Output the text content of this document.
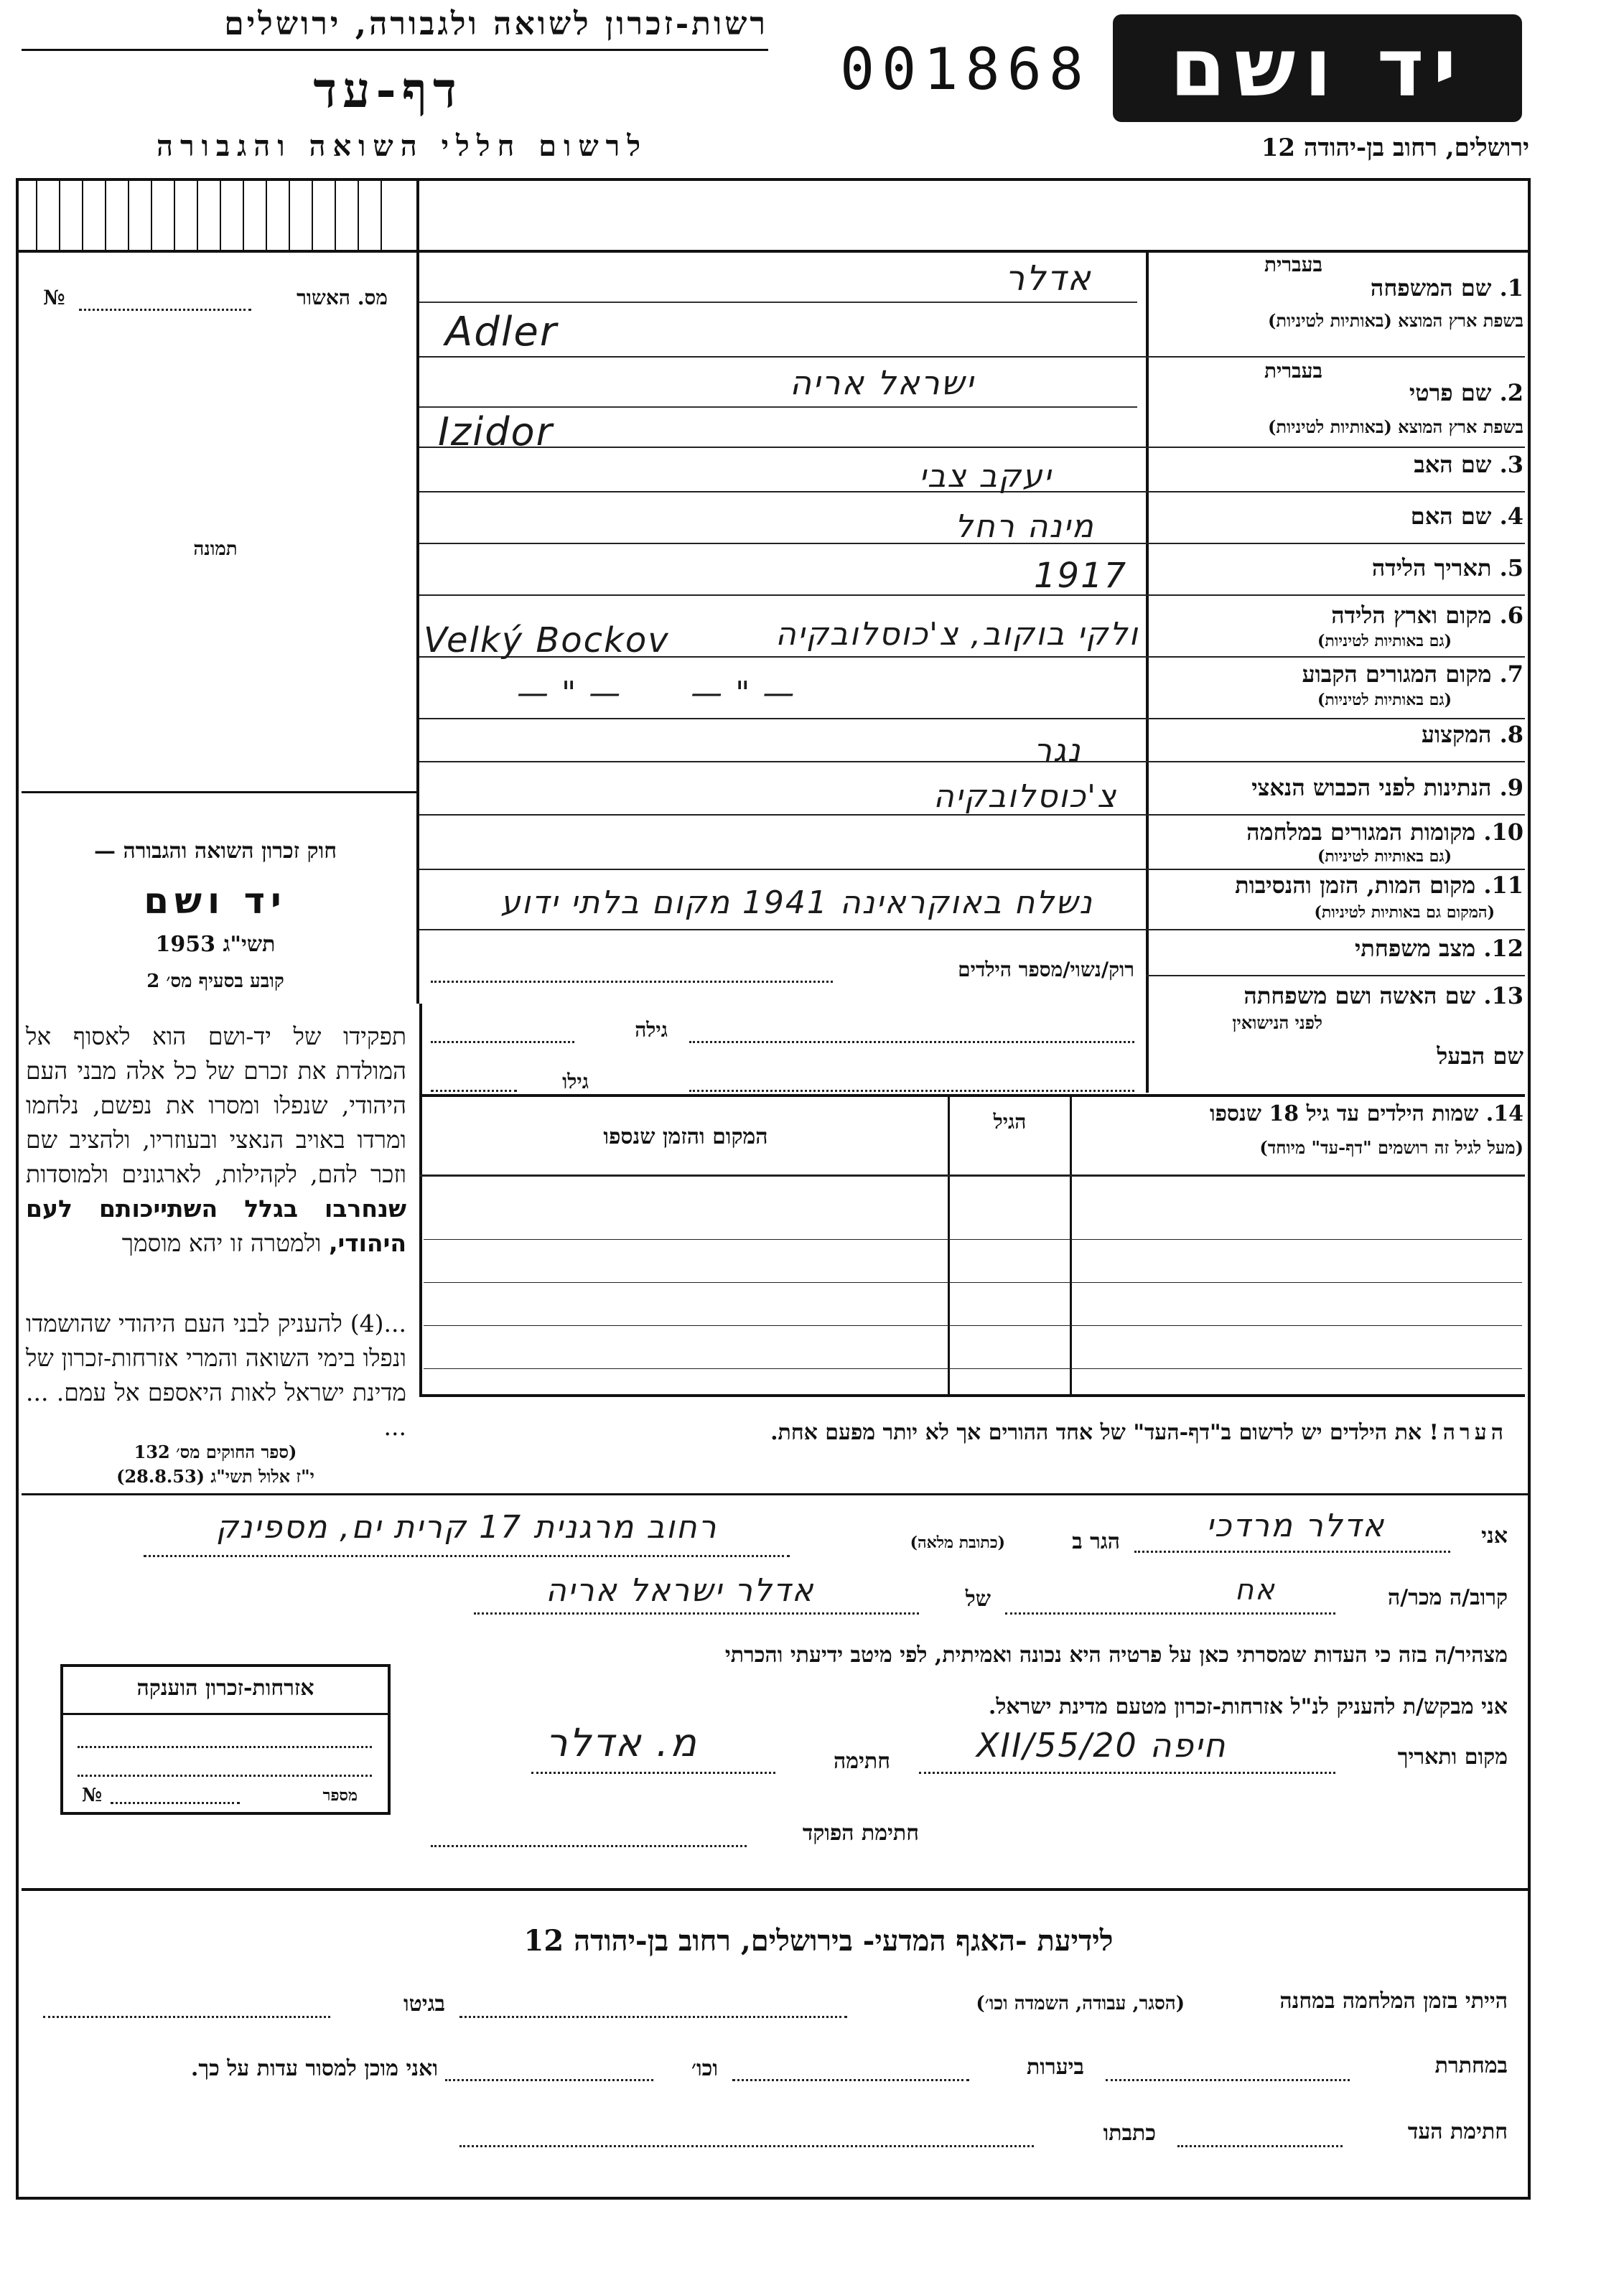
רשות-זכרון לשואה ולגבורה, ירושלים
דף-עד
לרשום חללי השואה והגבורה
001868 יד ושם
ירושלים, רחוב בן-יהודה 12
מס. האשור
№
תמונה
חוק זכרון השואה והגבורה —
יד ושם
תשי"ג 1953
קובע בסעיף מס׳ 2
תפקידו של יד-ושם הוא לאסוף אל המולדת את זכרם של כל אלה מבני העם היהודי, שנפלו ומסרו את נפשם, נלחמו ומרדו באויב הנאצי ובעוזריו, ולהציב שם וזכר להם, לקהילות, לארגונים ולמוסדות שנחרבו בגלל השתייכותם לעם היהודי, ולמטרה זו יהא מוסמך
...(4) להעניק לבני העם היהודי שהושמדו ונפלו בימי השואה והמרי אזרחות-זכרון של מדינת ישראל לאות היאספם אל עמם. ... ...
(ספר החוקים מס׳ 132
י"ז אלול תשי"ג (28.8.53)
אזרחות-זכרון הוענקה
מספר
№
1. שם המשפחה
בעברית
בשפת ארץ המוצא (באותיות לטיניות)
אדלר
Adler
2. שם פרטי
בעברית
בשפת ארץ המוצא (באותיות לטיניות)
ישראל אריה
Izidor
3. שם האב
יעקב צבי
4. שם האם
מינה רחל
5. תאריך הלידה
1917
6. מקום וארץ הלידה
(גם באותיות לטיניות)
ולקי בוקוב, צ'כוסלובקיה
Velký Bockov
7. מקום המגורים הקבוע
(גם באותיות לטיניות)
— " —      — " —
8. המקצוע
נגר
9. הנתינות לפני הכבוש הנאצי
צ'כוסלובקיה
10. מקומות המגורים במלחמה
(גם באותיות לטיניות)
11. מקום המות, הזמן והנסיבות
(המקום גם באותיות לטיניות)
נשלח באוקראינה 1941 מקום בלתי ידוע
12. מצב משפחתי
רוק/נשוי/מספר הילדים
13. שם האשה ושם משפחתה
לפני הנישואין
גילה
שם הבעל
גילו
14. שמות הילדים עד גיל 18 שנספו
(מעל לגיל זה רושמים "דף-עד" מיוחד)
הגיל
המקום והזמן שנספו
הערה! את הילדים יש לרשום ב"דף-העד" של אחד ההורים אך לא יותר מפעם אחת.
אני
אדלר מרדכי
הגר ב
(כתובת מלאה)
רחוב מרגנית 17 קרית ים, מספינק
קרוב/ה מכר/ה
אח
של
אדלר ישראל אריה
מצהיר/ה בזה כי העדות שמסרתי כאן על פרטיה היא נכונה ואמיתית, לפי מיטב ידיעתי והכרתי
אני מבקש/ת להעניק לנ"ל אזרחות-זכרון מטעם מדינת ישראל.
מקום ותאריך
חיפה 20/XII/55
חתימה
מ. אדלר
חתימת הפוקד
לידיעת -האגף המדעי- בירושלים, רחוב בן-יהודה 12
הייתי בזמן המלחמה במחנה
(הסגר, עבודה, השמדה וכו׳)
בגיטו
במחתרת
ביערות
וכו׳
ואני מוכן למסור עדות על כך.
חתימת העד
כתבתו
